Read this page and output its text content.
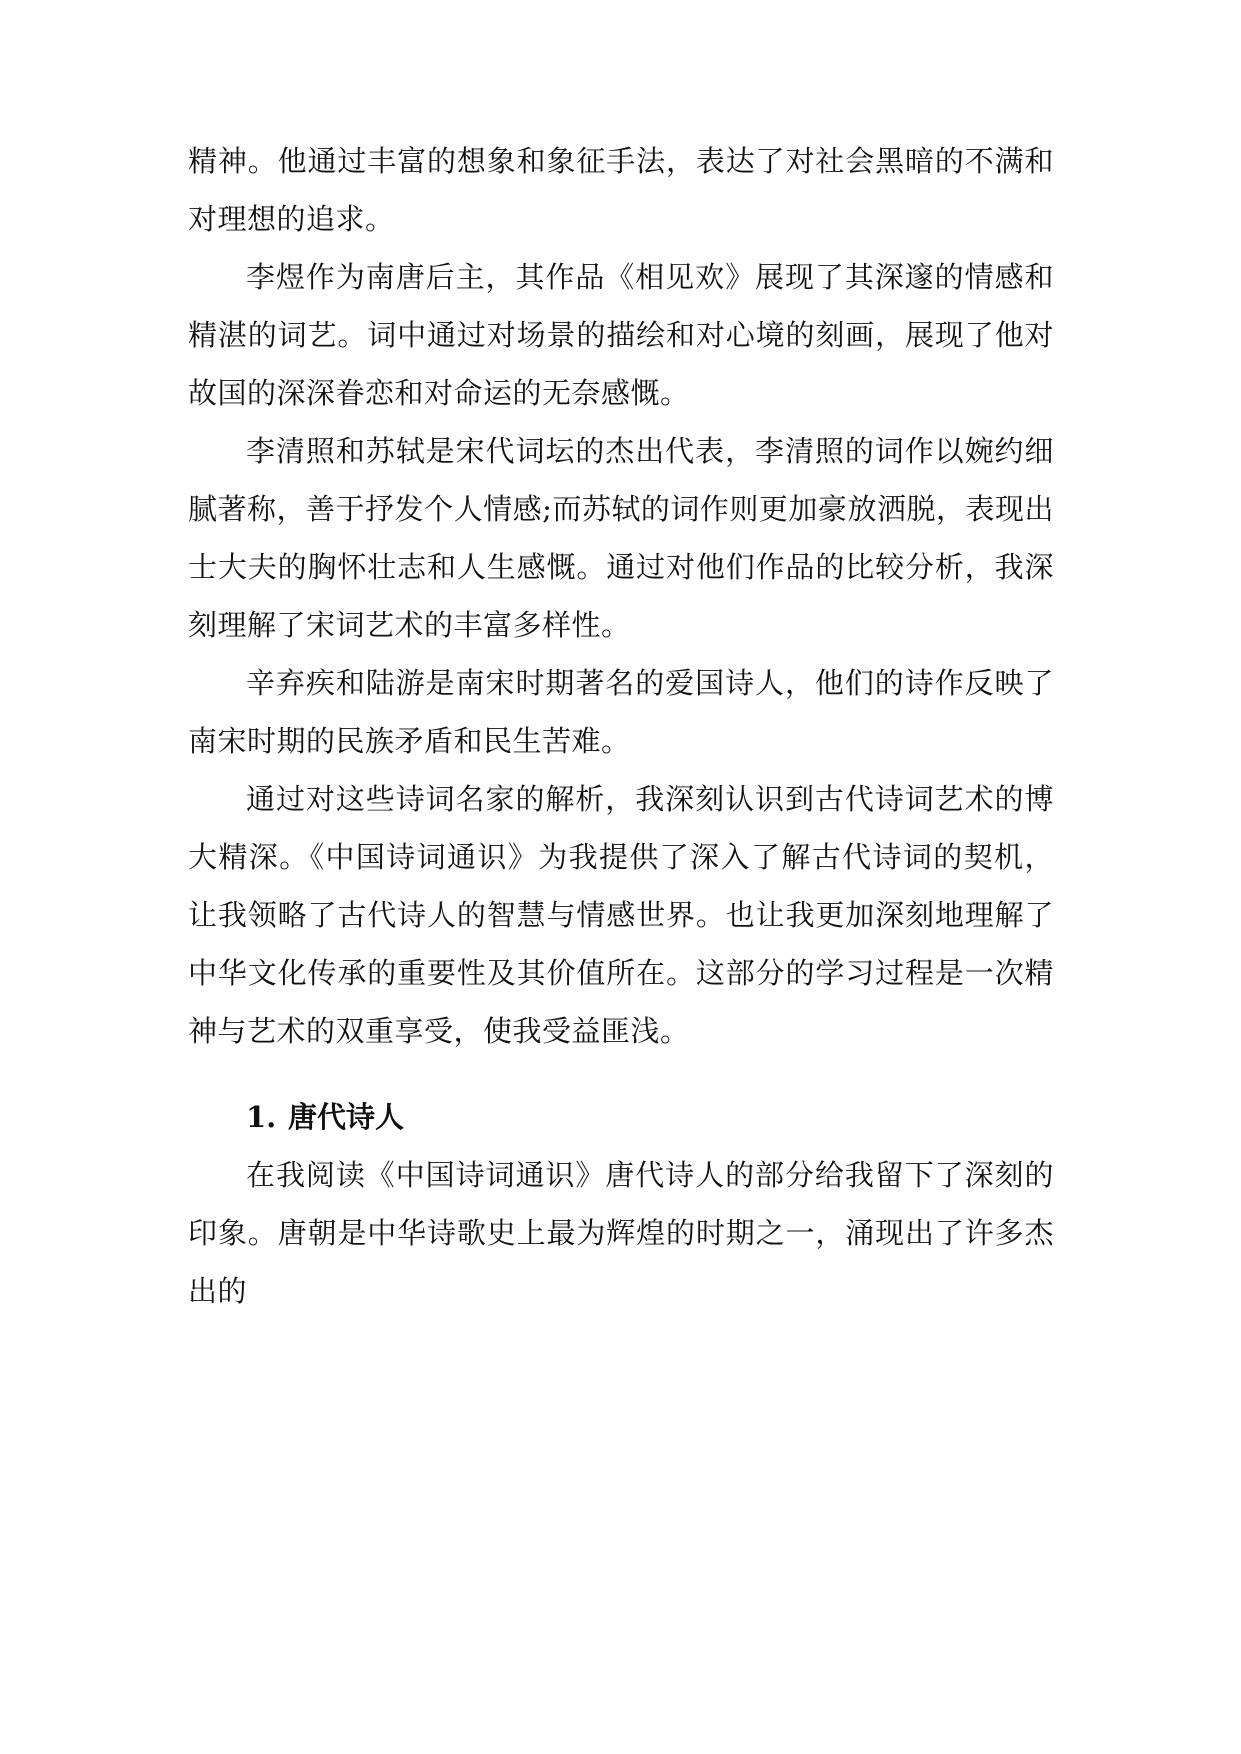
精神。他通过丰富的想象和象征手法，表达了对社会黑暗的不满和对理想的追求。

李煜作为南唐后主，其作品《相见欢》展现了其深邃的情感和精湛的词艺。词中通过对场景的描绘和对心境的刻画，展现了他对故国的深深眷恋和对命运的无奈感慨。

李清照和苏轼是宋代词坛的杰出代表，李清照的词作以婉约细腻著称，善于抒发个人情感;而苏轼的词作则更加豪放洒脱，表现出士大夫的胸怀壮志和人生感慨。通过对他们作品的比较分析，我深刻理解了宋词艺术的丰富多样性。

辛弃疾和陆游是南宋时期著名的爱国诗人，他们的诗作反映了南宋时期的民族矛盾和民生苦难。

通过对这些诗词名家的解析，我深刻认识到古代诗词艺术的博大精深。《中国诗词通识》为我提供了深入了解古代诗词的契机，让我领略了古代诗人的智慧与情感世界。也让我更加深刻地理解了中华文化传承的重要性及其价值所在。这部分的学习过程是一次精神与艺术的双重享受，使我受益匪浅。

1. 唐代诗人

在我阅读《中国诗词通识》唐代诗人的部分给我留下了深刻的印象。唐朝是中华诗歌史上最为辉煌的时期之一，涌现出了许多杰出的
